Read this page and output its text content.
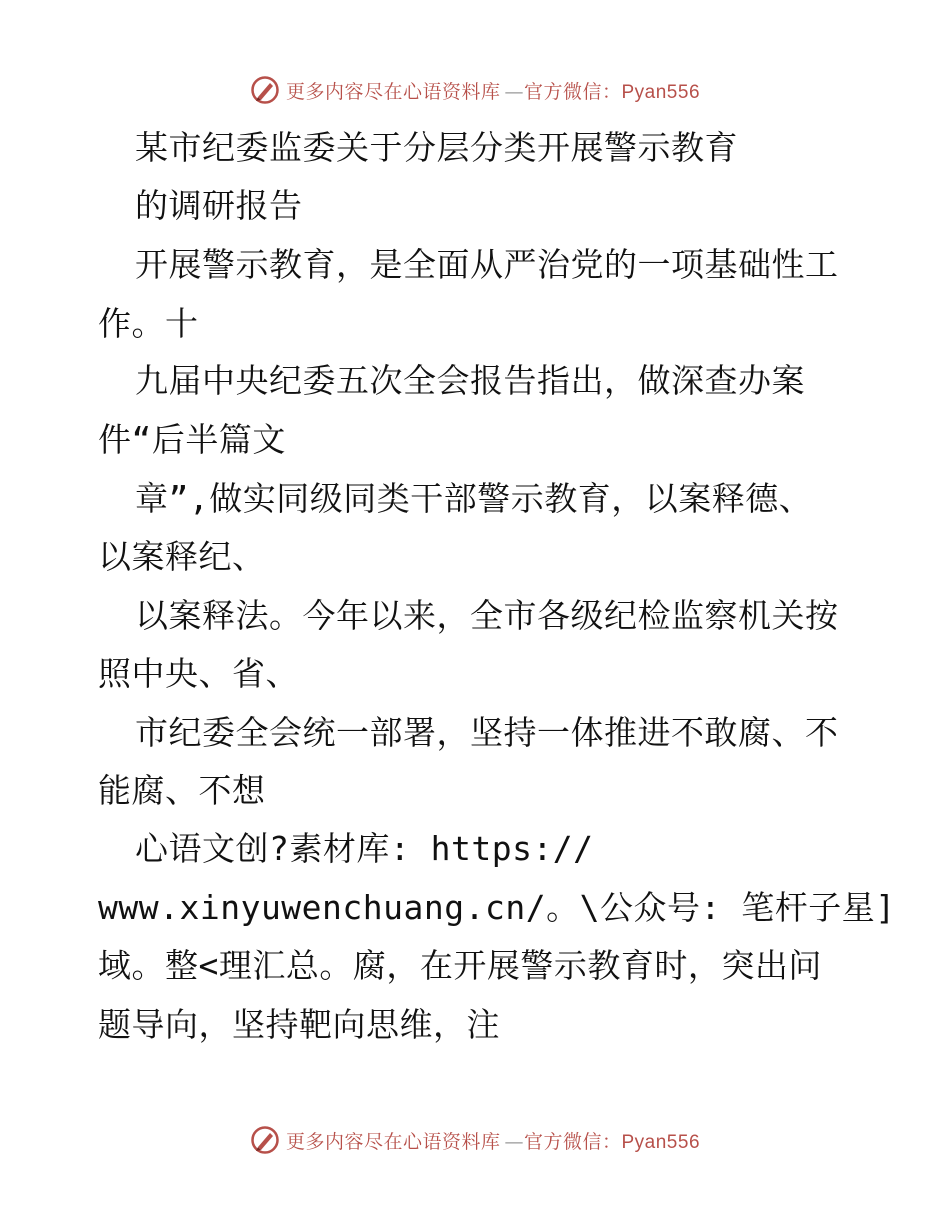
更多内容尽在心语资料库 —官方微信：Pyan556
某市纪委监委关于分层分类开展警示教育
的调研报告
开展警示教育，是全面从严治党的一项基础性工
作。十
九届中央纪委五次全会报告指出，做深查办案
件“后半篇文
章”,做实同级同类干部警示教育，以案释德、
以案释纪、
以案释法。今年以来，全市各级纪检监察机关按
照中央、省、
市纪委全会统一部署，坚持一体推进不敢腐、不
能腐、不想
心语文创?素材库: https://
www.xinyuwenchuang.cn/。\公众号: 笔杆子星]
域。整<理汇总。腐，在开展警示教育时，突出问
题导向，坚持靶向思维，注
更多内容尽在心语资料库 —官方微信：Pyan556
